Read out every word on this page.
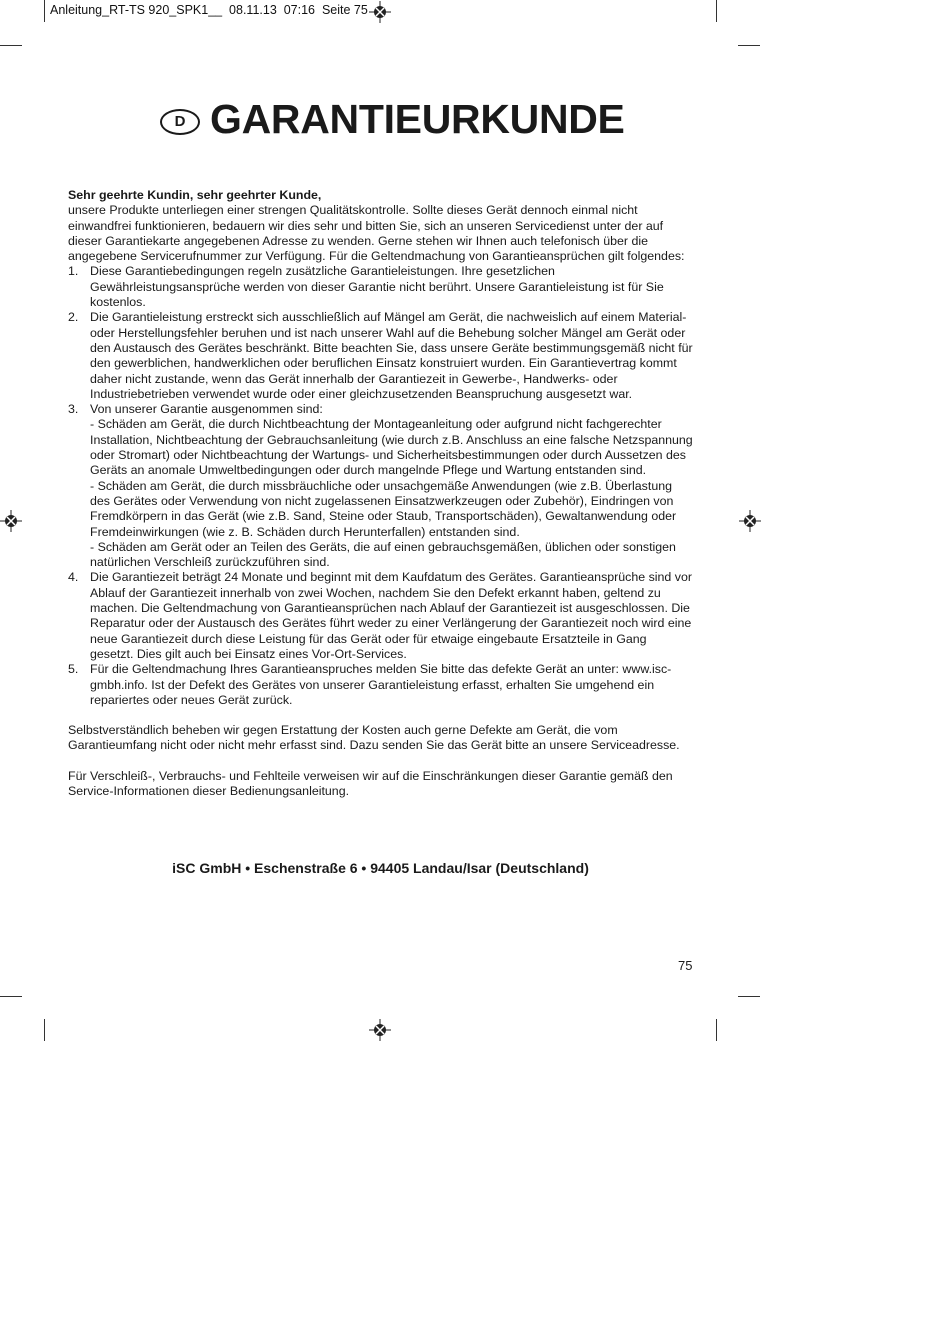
Anleitung_RT-TS 920_SPK1__  08.11.13  07:16  Seite 75
D GARANTIEURKUNDE

Sehr geehrte Kundin, sehr geehrter Kunde,

unsere Produkte unterliegen einer strengen Qualitätskontrolle. Sollte dieses Gerät dennoch einmal nicht einwandfrei funktionieren, bedauern wir dies sehr und bitten Sie, sich an unseren Servicedienst unter der auf dieser Garantiekarte angegebenen Adresse zu wenden. Gerne stehen wir Ihnen auch telefonisch über die angegebene Servicerufnummer zur Verfügung. Für die Geltendmachung von Garantieansprüchen gilt folgendes:

1. Diese Garantiebedingungen regeln zusätzliche Garantieleistungen. Ihre gesetzlichen Gewährleistungsansprüche werden von dieser Garantie nicht berührt. Unsere Garantieleistung ist für Sie kostenlos.
2. Die Garantieleistung erstreckt sich ausschließlich auf Mängel am Gerät, die nachweislich auf einem Material- oder Herstellungsfehler beruhen und ist nach unserer Wahl auf die Behebung solcher Mängel am Gerät oder den Austausch des Gerätes beschränkt. Bitte beachten Sie, dass unsere Geräte bestimmungsgemäß nicht für den gewerblichen, handwerklichen oder beruflichen Einsatz konstruiert wurden. Ein Garantievertrag kommt daher nicht zustande, wenn das Gerät innerhalb der Garantiezeit in Gewerbe-, Handwerks- oder Industriebetrieben verwendet wurde oder einer gleichzusetzenden Beanspruchung ausgesetzt war.
3. Von unserer Garantie ausgenommen sind:
- Schäden am Gerät, die durch Nichtbeachtung der Montageanleitung oder aufgrund nicht fachgerechter Installation, Nichtbeachtung der Gebrauchsanleitung (wie durch z.B. Anschluss an eine falsche Netzspannung oder Stromart) oder Nichtbeachtung der Wartungs- und Sicherheitsbestimmungen oder durch Aussetzen des Geräts an anomale Umweltbedingungen oder durch mangelnde Pflege und Wartung entstanden sind.
- Schäden am Gerät, die durch missbräuchliche oder unsachgemäße Anwendungen (wie z.B. Überlastung des Gerätes oder Verwendung von nicht zugelassenen Einsatzwerkzeugen oder Zubehör), Eindringen von Fremdkörpern in das Gerät (wie z.B. Sand, Steine oder Staub, Transportschäden), Gewaltanwendung oder Fremdeinwirkungen (wie z. B. Schäden durch Herunterfallen) entstanden sind.
- Schäden am Gerät oder an Teilen des Geräts, die auf einen gebrauchsgemäßen, üblichen oder sonstigen natürlichen Verschleiß zurückzuführen sind.
4. Die Garantiezeit beträgt 24 Monate und beginnt mit dem Kaufdatum des Gerätes. Garantieansprüche sind vor Ablauf der Garantiezeit innerhalb von zwei Wochen, nachdem Sie den Defekt erkannt haben, geltend zu machen. Die Geltendmachung von Garantieansprüchen nach Ablauf der Garantiezeit ist ausgeschlossen. Die Reparatur oder der Austausch des Gerätes führt weder zu einer Verlängerung der Garantiezeit noch wird eine neue Garantiezeit durch diese Leistung für das Gerät oder für etwaige eingebaute Ersatzteile in Gang gesetzt. Dies gilt auch bei Einsatz eines Vor-Ort-Services.
5. Für die Geltendmachung Ihres Garantieanspruches melden Sie bitte das defekte Gerät an unter: www.isc-gmbh.info. Ist der Defekt des Gerätes von unserer Garantieleistung erfasst, erhalten Sie umgehend ein repariertes oder neues Gerät zurück.

Selbstverständlich beheben wir gegen Erstattung der Kosten auch gerne Defekte am Gerät, die vom Garantieumfang nicht oder nicht mehr erfasst sind. Dazu senden Sie das Gerät bitte an unsere Serviceadresse.

Für Verschleiß-, Verbrauchs- und Fehlteile verweisen wir auf die Einschränkungen dieser Garantie gemäß den Service-Informationen dieser Bedienungsanleitung.

iSC GmbH • Eschenstraße 6 • 94405 Landau/Isar (Deutschland)
75
